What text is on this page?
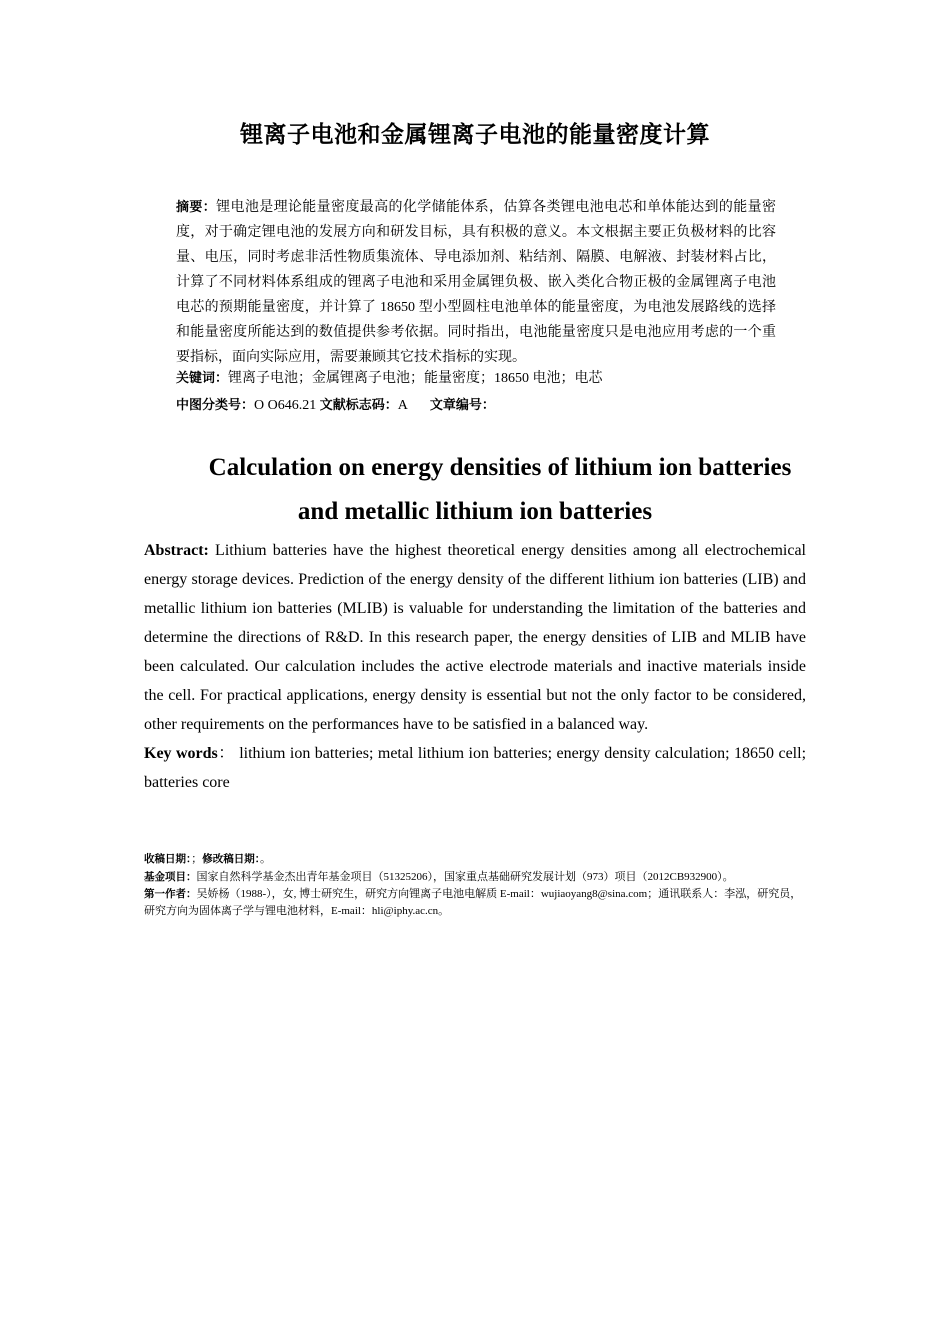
锂离子电池和金属锂离子电池的能量密度计算

摘要：锂电池是理论能量密度最高的化学储能体系，估算各类锂电池电芯和单体能达到的能量密度，对于确定锂电池的发展方向和研发目标，具有积极的意义。本文根据主要正负极材料的比容量、电压，同时考虑非活性物质集流体、导电添加剂、粘结剂、隔膜、电解液、封装材料占比，计算了不同材料体系组成的锂离子电池和采用金属锂负极、嵌入类化合物正极的金属锂离子电池电芯的预期能量密度，并计算了 18650 型小型圆柱电池单体的能量密度，为电池发展路线的选择和能量密度所能达到的数值提供参考依据。同时指出，电池能量密度只是电池应用考虑的一个重要指标，面向实际应用，需要兼顾其它技术指标的实现。

关键词：锂离子电池；金属锂离子电池；能量密度；18650 电池；电芯
中图分类号：O O646.21 文献标志码：A 文章编号：
Calculation on energy densities of lithium ion batteries
and metallic lithium ion batteries

Abstract: Lithium batteries have the highest theoretical energy densities among all electrochemical energy storage devices. Prediction of the energy density of the different lithium ion batteries (LIB) and metallic lithium ion batteries (MLIB) is valuable for understanding the limitation of the batteries and determine the directions of R&D. In this research paper, the energy densities of LIB and MLIB have been calculated. Our calculation includes the active electrode materials and inactive materials inside the cell. For practical applications, energy density is essential but not the only factor to be considered, other requirements on the performances have to be satisfied in a balanced way.

Key words： lithium ion batteries; metal lithium ion batteries; energy density calculation; 18650 cell; batteries core

收稿日期：；修改稿日期：。

基金项目：国家自然科学基金杰出青年基金项目（51325206），国家重点基础研究发展计划（973）项目（2012CB932900）。

第一作者：吴娇杨（1988-），女, 博士研究生，研究方向锂离子电池电解质 E-mail：wujiaoyang8@sina.com；通讯联系人：李泓，研究员，研究方向为固体离子学与锂电池材料，E-mail：hli@iphy.ac.cn。
